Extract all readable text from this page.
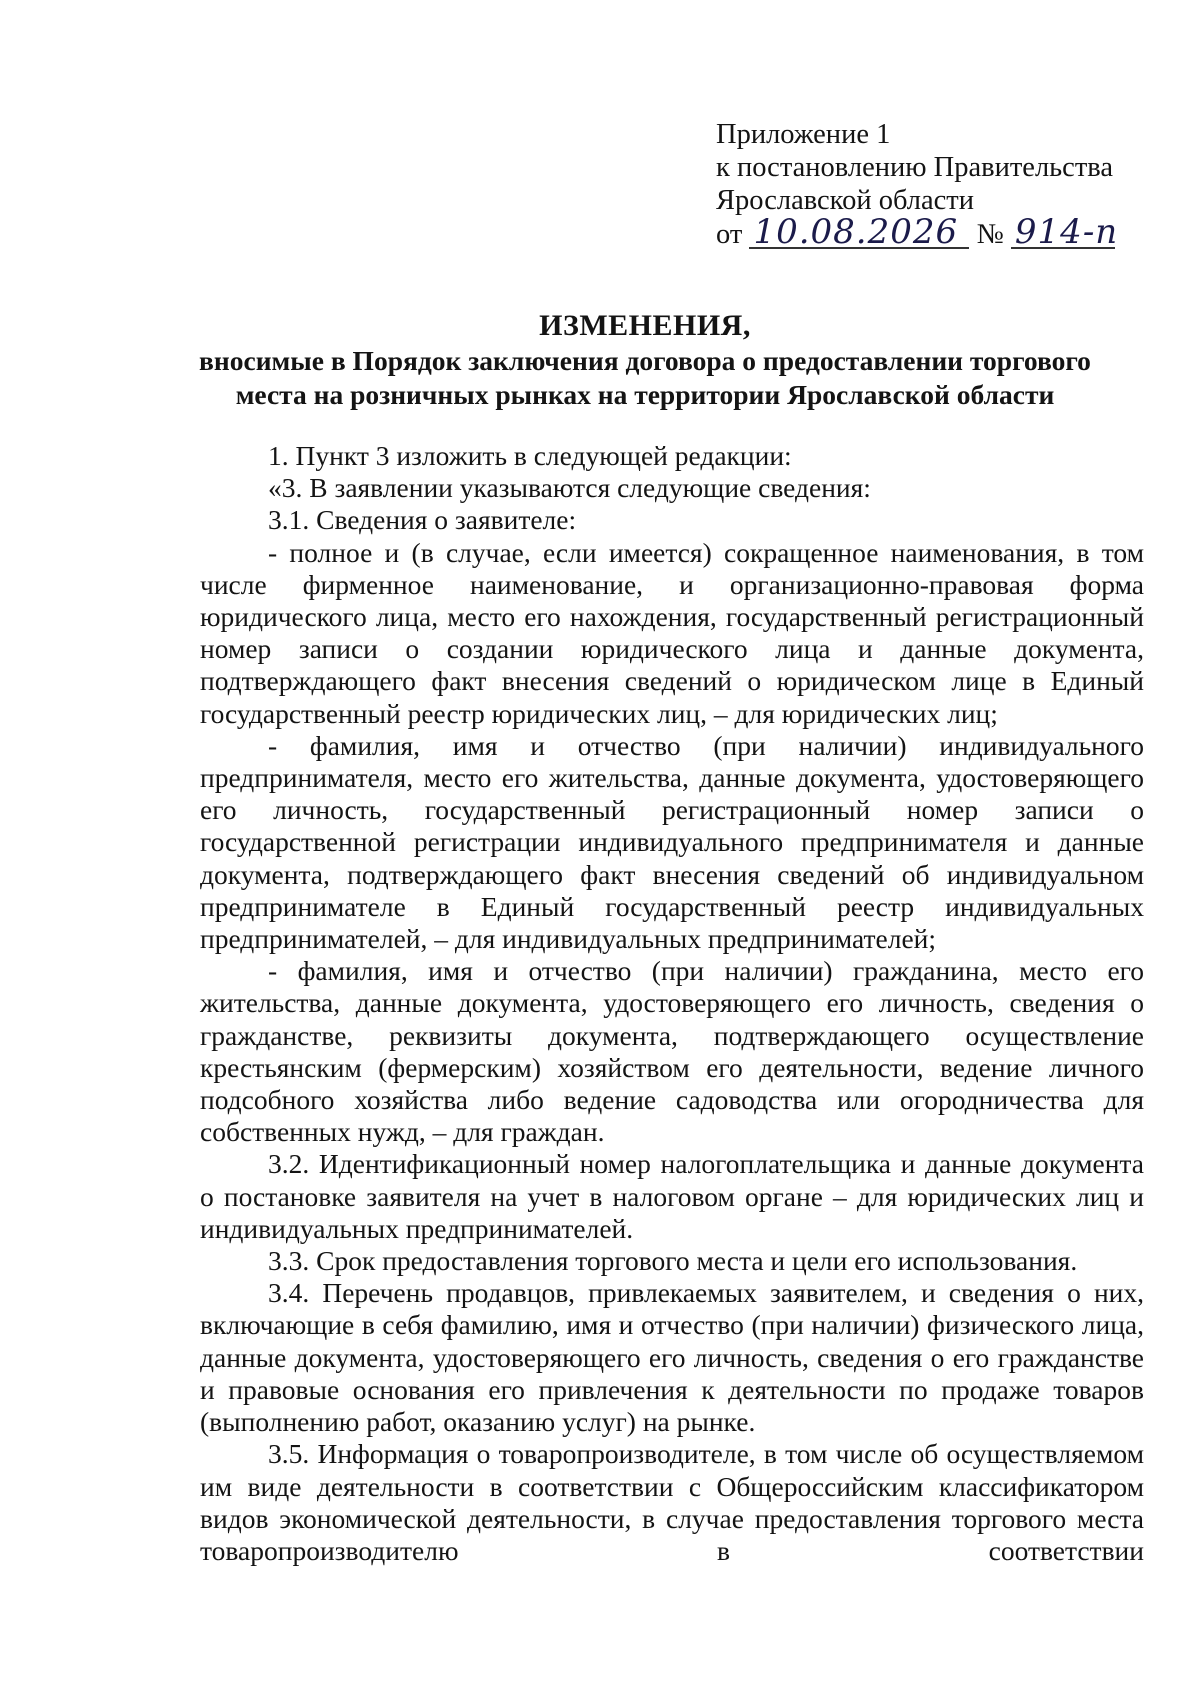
Приложение 1
к постановлению Правительства
Ярославской области
от 10.08.2026 № 914-п
ИЗМЕНЕНИЯ,
вносимые в Порядок заключения договора о предоставлении торгового
места на розничных рынках на территории Ярославской области

1. Пункт 3 изложить в следующей редакции:

«3. В заявлении указываются следующие сведения:

3.1. Сведения о заявителе:

- полное и (в случае, если имеется) сокращенное наименования, в том числе фирменное наименование, и организационно-правовая форма юридического лица, место его нахождения, государственный регистрационный номер записи о создании юридического лица и данные документа, подтверждающего факт внесения сведений о юридическом лице в Единый государственный реестр юридических лиц, – для юридических лиц;

- фамилия, имя и отчество (при наличии) индивидуального предпринимателя, место его жительства, данные документа, удостоверяющего его личность, государственный регистрационный номер записи о государственной регистрации индивидуального предпринимателя и данные документа, подтверждающего факт внесения сведений об индивидуальном предпринимателе в Единый государственный реестр индивидуальных предпринимателей, – для индивидуальных предпринимателей;

- фамилия, имя и отчество (при наличии) гражданина, место его жительства, данные документа, удостоверяющего его личность, сведения о гражданстве, реквизиты документа, подтверждающего осуществление крестьянским (фермерским) хозяйством его деятельности, ведение личного подсобного хозяйства либо ведение садоводства или огородничества для собственных нужд, – для граждан.

3.2. Идентификационный номер налогоплательщика и данные документа о постановке заявителя на учет в налоговом органе – для юридических лиц и индивидуальных предпринимателей.

3.3. Срок предоставления торгового места и цели его использования.

3.4. Перечень продавцов, привлекаемых заявителем, и сведения о них, включающие в себя фамилию, имя и отчество (при наличии) физического лица, данные документа, удостоверяющего его личность, сведения о его гражданстве и правовые основания его привлечения к деятельности по продаже товаров (выполнению работ, оказанию услуг) на рынке.

3.5. Информация о товаропроизводителе, в том числе об осуществляемом им виде деятельности в соответствии с Общероссийским классификатором видов экономической деятельности, в случае предоставления торгового места товаропроизводителю в соответствии
